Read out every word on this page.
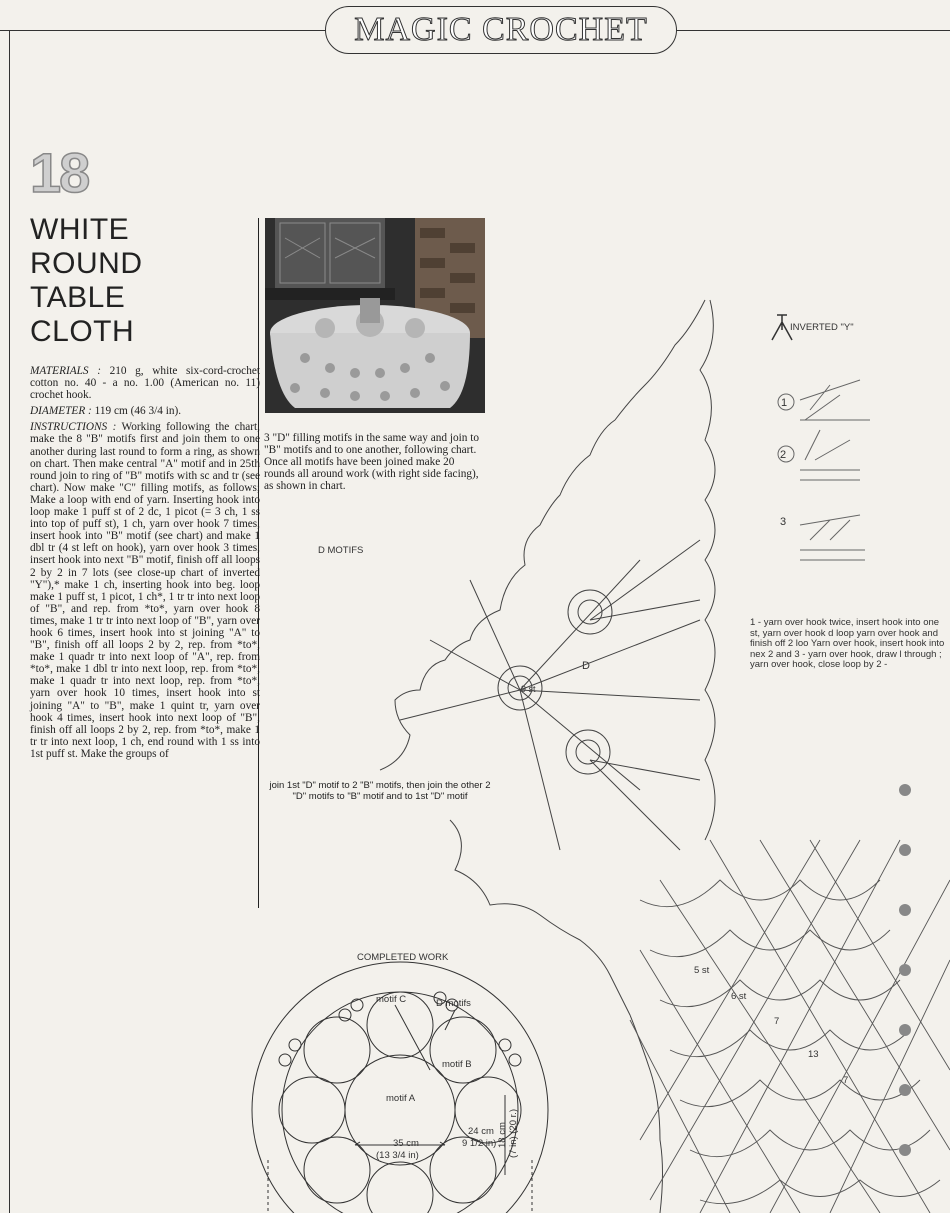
MAGIC CROCHET
18
WHITE
ROUND
TABLE
CLOTH

MATERIALS : 210 g, white six-cord-crochet cotton no. 40 - a no. 1.00 (American no. 11) crochet hook.

DIAMETER : 119 cm (46 3/4 in).

INSTRUCTIONS : Working following the chart, make the 8 "B" motifs first and join them to one another during last round to form a ring, as shown on chart. Then make central "A" motif and in 25th round join to ring of "B" motifs with sc and tr (see chart). Now make "C" filling motifs, as follows; Make a loop with end of yarn. Inserting hook into loop make 1 puff st of 2 dc, 1 picot (= 3 ch, 1 ss into top of puff st), 1 ch, yarn over hook 7 times, insert hook into "B" motif (see chart) and make 1 dbl tr (4 st left on hook), yarn over hook 3 times, insert hook into next "B" motif, finish off all loops 2 by 2 in 7 lots (see close-up chart of inverted "Y"),* make 1 ch, inserting hook into beg. loop make 1 puff st, 1 picot, 1 ch*, 1 tr tr into next loop of "B", and rep. from *to*, yarn over hook 8 times, make 1 tr tr into next loop of "B", yarn over hook 6 times, insert hook into st joining "A" to "B", finish off all loops 2 by 2, rep. from *to*, make 1 quadr tr into next loop of "A", rep. from *to*, make 1 dbl tr into next loop, rep. from *to*, make 1 quadr tr into next loop, rep. from *to*, yarn over hook 10 times, insert hook into st joining "A" to "B", make 1 quint tr, yarn over hook 4 times, insert hook into next loop of "B", finish off all loops 2 by 2, rep. from *to*, make 1 tr tr into next loop, 1 ch, end round with 1 ss into 1st puff st. Make the groups of

3 "D" filling motifs in the same way and join to "B" motifs and to one another, following chart. Once all motifs have been joined make 20 rounds all around work (with right side facing), as shown in chart.
D MOTIFS
D
9 st
join 1st "D" motif to 2 "B" motifs, then join the other 2 "D" motifs to "B" motif and to 1st "D" motif
INVERTED "Y"
1
2
3
1 - yarn over hook twice, insert hook into one st, yarn over hook d loop yarn over hook and finish off 2 loo Yarn over hook, insert hook into nex 2 and 3 - yarn over hook, draw l through ; yarn over hook, close loop by 2 -
5 st
6 st
7
13
7
COMPLETED WORK
motif C	D motifs
motif B
motif A
35 cm
(13 3/4 in)
24 cm
9 1/2 in) 18 cm (7 in) (20 r.)
